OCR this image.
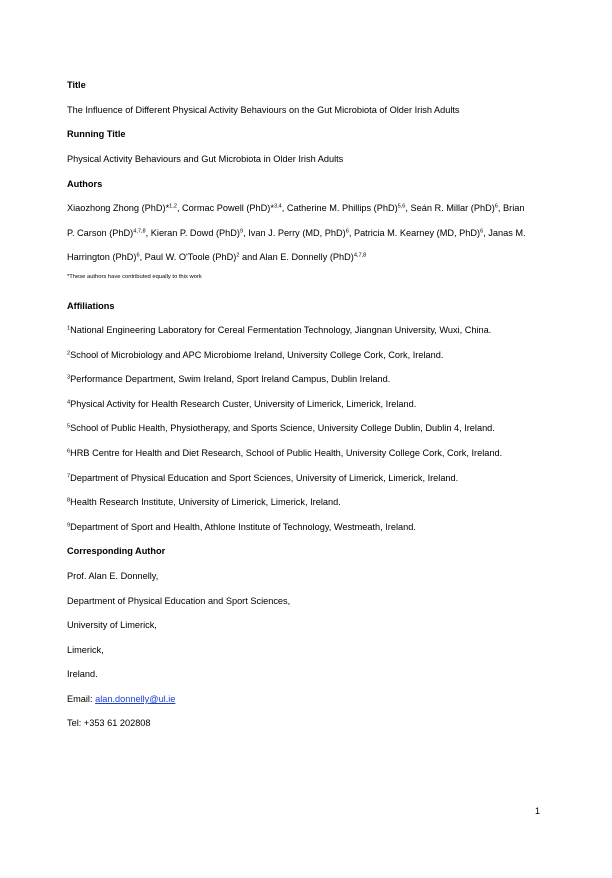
Title
The Influence of Different Physical Activity Behaviours on the Gut Microbiota of Older Irish Adults
Running Title
Physical Activity Behaviours and Gut Microbiota in Older Irish Adults
Authors
Xiaozhong Zhong (PhD)*$^{1,2}$, Cormac Powell (PhD)*$^{3,4}$, Catherine M. Phillips (PhD)$^{5,6}$, Seán R. Millar (PhD)$^6$, Brian
P. Carson (PhD)$^{4,7,8}$, Kieran P. Dowd (PhD)$^9$, Ivan J. Perry (MD, PhD)$^6$, Patricia M. Kearney (MD, PhD)$^6$, Janas M.
Harrington (PhD)$^6$, Paul W. O'Toole (PhD)$^2$ and Alan E. Donnelly (PhD)$^{4,7,8}$
*These authors have contributed equally to this work
Affiliations
$^1$National Engineering Laboratory for Cereal Fermentation Technology, Jiangnan University, Wuxi, China.
$^2$School of Microbiology and APC Microbiome Ireland, University College Cork, Cork, Ireland.
$^3$Performance Department, Swim Ireland, Sport Ireland Campus, Dublin Ireland.
$^4$Physical Activity for Health Research Custer, University of Limerick, Limerick, Ireland.
$^5$School of Public Health, Physiotherapy, and Sports Science, University College Dublin, Dublin 4, Ireland.
$^6$HRB Centre for Health and Diet Research, School of Public Health, University College Cork, Cork, Ireland.
$^7$Department of Physical Education and Sport Sciences, University of Limerick, Limerick, Ireland.
$^8$Health Research Institute, University of Limerick, Limerick, Ireland.
$^9$Department of Sport and Health, Athlone Institute of Technology, Westmeath, Ireland.
Corresponding Author
Prof. Alan E. Donnelly,
Department of Physical Education and Sport Sciences,
University of Limerick,
Limerick,
Ireland.
Email: alan.donnelly@ul.ie
Tel: +353 61 202808
1
